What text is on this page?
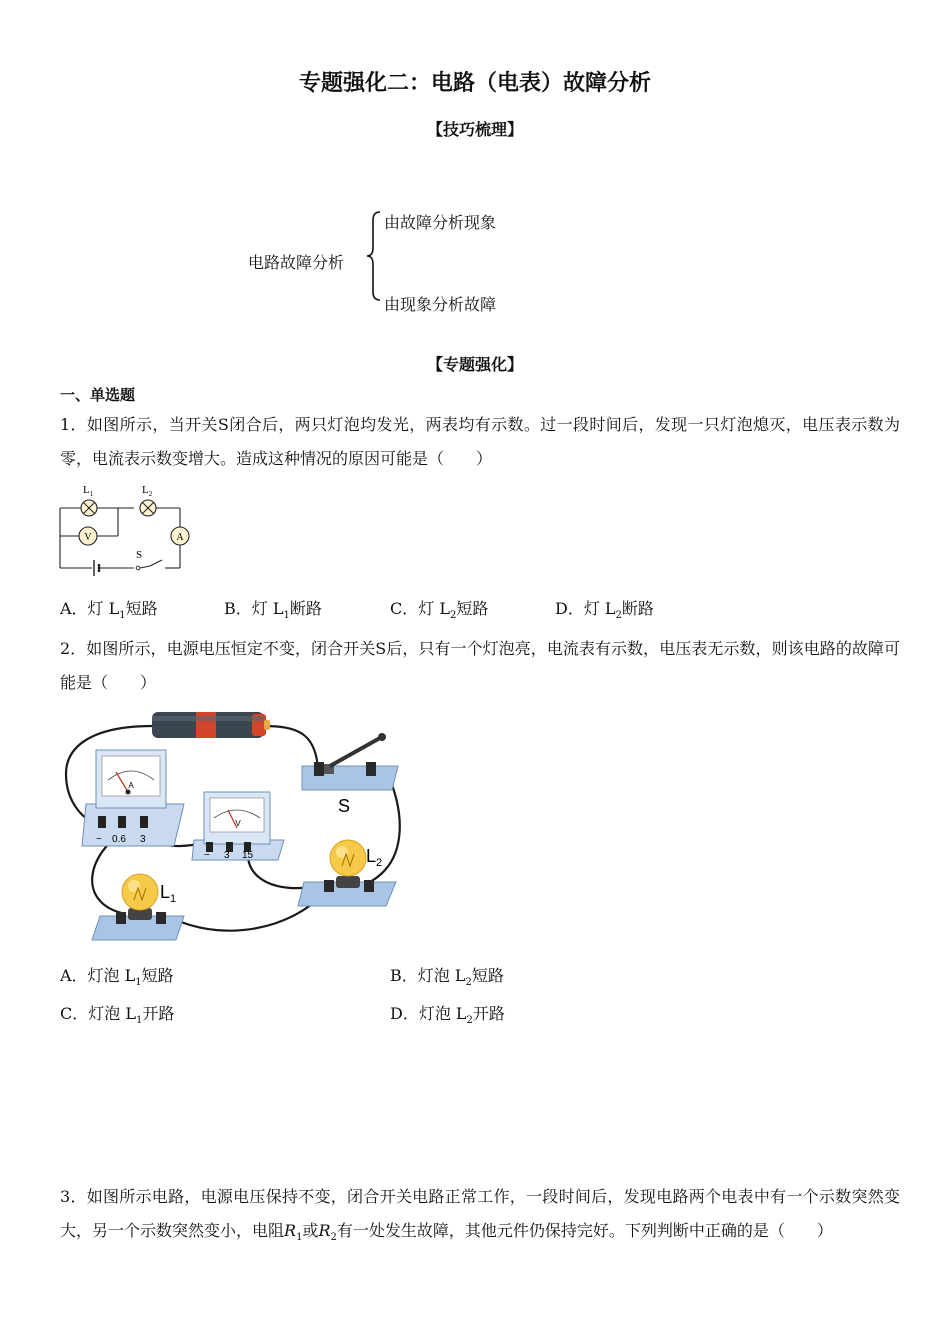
专题强化二：电路（电表）故障分析
【技巧梳理】
电路故障分析
由故障分析现象
由现象分析故障
【专题强化】
一、单选题
1．如图所示，当开关S闭合后，两只灯泡均发光，两表均有示数。过一段时间后，发现一只灯泡熄灭，电压表示数为零，电流表示数变增大。造成这种情况的原因可能是（　　）
V	A
$L_1$	$L_2$
S
A．灯 $L_1$短路	B．灯 $L_1$断路	C．灯 $L_2$短路	D．灯 $L_2$断路
2．如图所示，电源电压恒定不变，闭合开关S后，只有一个灯泡亮，电流表有示数，电压表无示数，则该电路的故障可能是（　　）
S
A
− 0.6 3
V
− 3 15	$L_2$
$L_1$
A．灯泡 $L_1$短路	B．灯泡 $L_2$短路
C．灯泡 $L_1$开路	D．灯泡 $L_2$开路
3．如图所示电路，电源电压保持不变，闭合开关电路正常工作，一段时间后，发现电路两个电表中有一个示数突然变大，另一个示数突然变小，电阻$R_1$或$R_2$有一处发生故障，其他元件仍保持完好。下列判断中正确的是（　　）
